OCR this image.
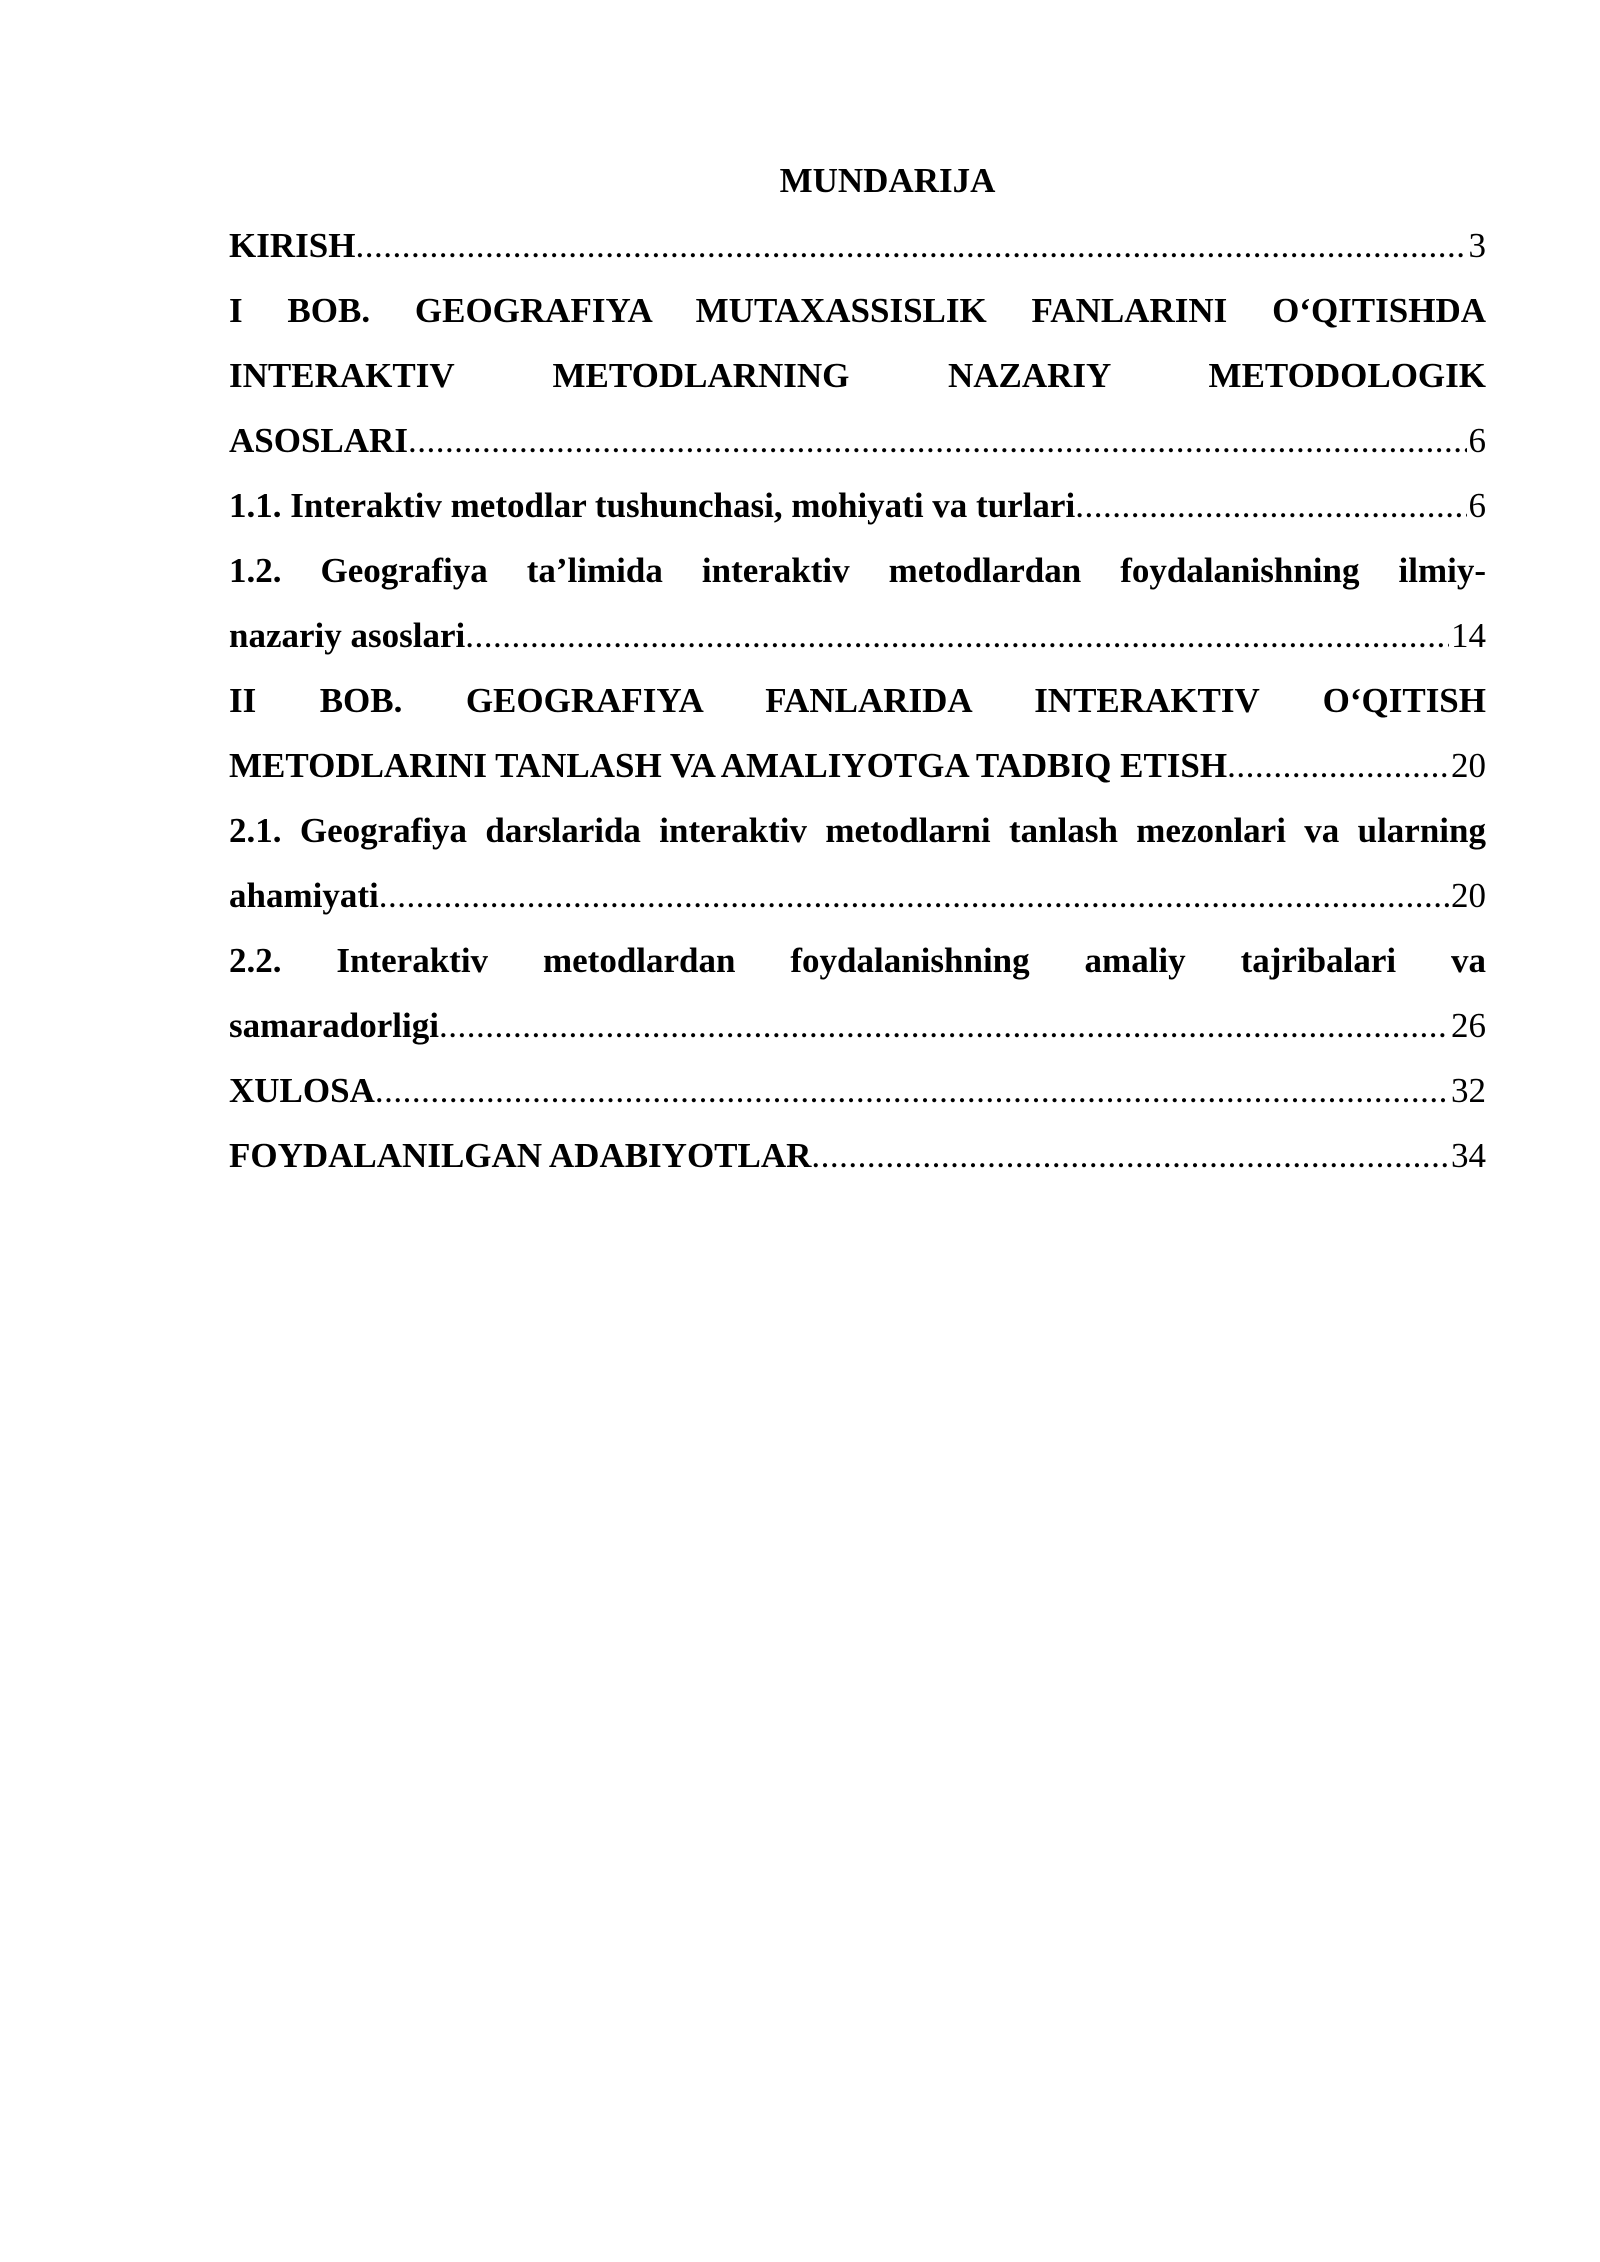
MUNDARIJA
KIRISH .....	3
I BOB. GEOGRAFIYA MUTAXASSISLIK FANLARINI O‘QITISHDA
INTERAKTIV METODLARNING NAZARIY METODOLOGIK
ASOSLARI .....	6
1.1. Interaktiv metodlar tushunchasi, mohiyati va turlari .....	6
1.2. Geografiya ta’limida interaktiv metodlardan foydalanishning ilmiy-
nazariy asoslari .....	14
II BOB. GEOGRAFIYA FANLARIDA INTERAKTIV O‘QITISH
METODLARINI TANLASH VA AMALIYOTGA TADBIQ ETISH .....	20
2.1. Geografiya darslarida interaktiv metodlarni tanlash mezonlari va ularning
ahamiyati .....	20
2.2. Interaktiv metodlardan foydalanishning amaliy tajribalari va
samaradorligi .....	26
XULOSA .....	32
FOYDALANILGAN ADABIYOTLAR .....	34
